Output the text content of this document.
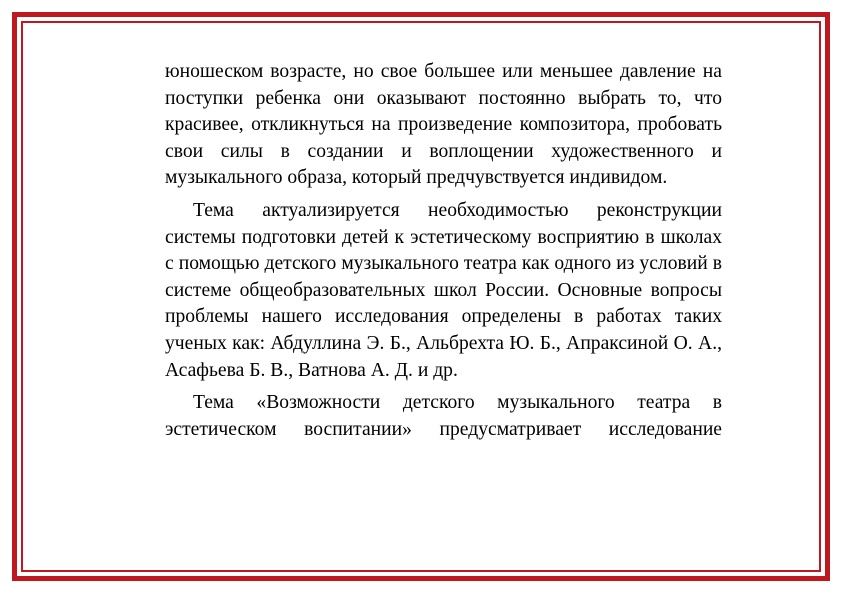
юношеском возрасте, но свое большее или меньшее давление на поступки ребенка они оказывают постоянно выбрать то, что красивее, откликнуться на произведение композитора, пробовать свои силы в создании и воплощении художественного и музыкального образа, который предчувствуется индивидом.

Тема актуализируется необходимостью реконструкции системы подготовки детей к эстетическому восприятию в школах с помощью детского музыкального театра как одного из условий в системе общеобразовательных школ России. Основные вопросы проблемы нашего исследования определены в работах таких ученых как: Абдуллина Э. Б., Альбрехта Ю. Б., Апраксиной О. А., Асафьева Б. В., Ватнова А. Д. и др.

Тема «Возможности детского музыкального театра в эстетическом воспитании» предусматривает исследование
